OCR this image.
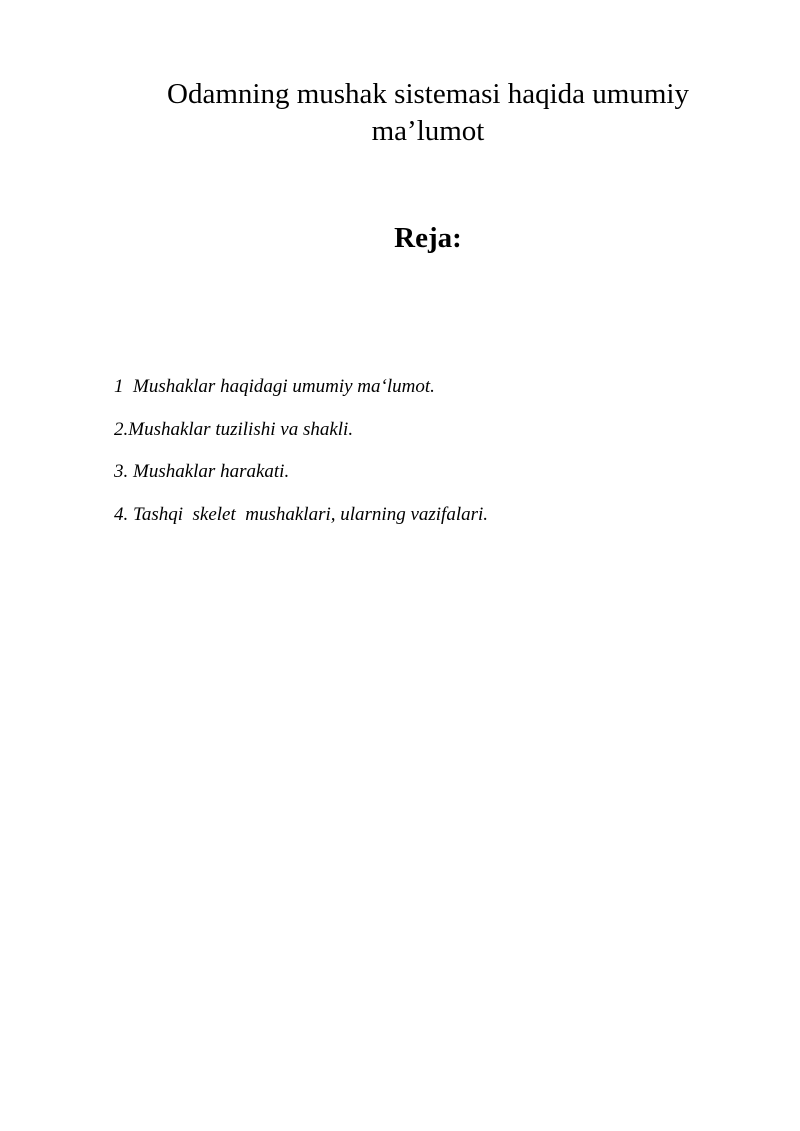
Odamning mushak sistemasi haqida umumiy
ma’lumot
Reja:
1  Mushaklar haqidagi umumiy ma‘lumot.
2.Mushaklar tuzilishi va shakli.
3. Mushaklar harakati.
4. Tashqi  skelet  mushaklari, ularning vazifalari.
